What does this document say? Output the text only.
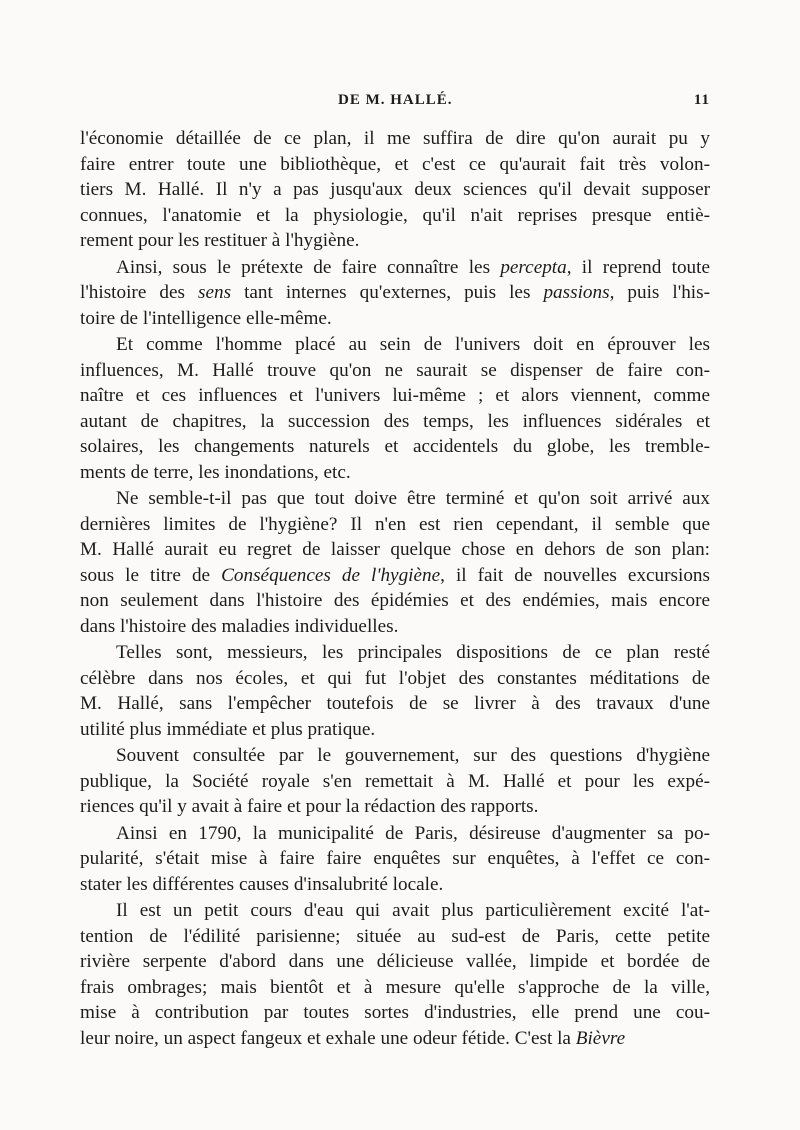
DE M. HALLÉ.	11
l'économie détaillée de ce plan, il me suffira de dire qu'on aurait pu y
faire entrer toute une bibliothèque, et c'est ce qu'aurait fait très volon-
tiers M. Hallé. Il n'y a pas jusqu'aux deux sciences qu'il devait supposer
connues, l'anatomie et la physiologie, qu'il n'ait reprises presque entiè-
rement pour les restituer à l'hygiène.
Ainsi, sous le prétexte de faire connaître les percepta, il reprend toute
l'histoire des sens tant internes qu'externes, puis les passions, puis l'his-
toire de l'intelligence elle-même.
Et comme l'homme placé au sein de l'univers doit en éprouver les
influences, M. Hallé trouve qu'on ne saurait se dispenser de faire con-
naître et ces influences et l'univers lui-même ; et alors viennent, comme
autant de chapitres, la succession des temps, les influences sidérales et
solaires, les changements naturels et accidentels du globe, les tremble-
ments de terre, les inondations, etc.
Ne semble-t-il pas que tout doive être terminé et qu'on soit arrivé aux
dernières limites de l'hygiène? Il n'en est rien cependant, il semble que
M. Hallé aurait eu regret de laisser quelque chose en dehors de son plan:
sous le titre de Conséquences de l'hygiène, il fait de nouvelles excursions
non seulement dans l'histoire des épidémies et des endémies, mais encore
dans l'histoire des maladies individuelles.
Telles sont, messieurs, les principales dispositions de ce plan resté
célèbre dans nos écoles, et qui fut l'objet des constantes méditations de
M. Hallé, sans l'empêcher toutefois de se livrer à des travaux d'une
utilité plus immédiate et plus pratique.
Souvent consultée par le gouvernement, sur des questions d'hygiène
publique, la Société royale s'en remettait à M. Hallé et pour les expé-
riences qu'il y avait à faire et pour la rédaction des rapports.
Ainsi en 1790, la municipalité de Paris, désireuse d'augmenter sa po-
pularité, s'était mise à faire faire enquêtes sur enquêtes, à l'effet ce con-
stater les différentes causes d'insalubrité locale.
Il est un petit cours d'eau qui avait plus particulièrement excité l'at-
tention de l'édilité parisienne; située au sud-est de Paris, cette petite
rivière serpente d'abord dans une délicieuse vallée, limpide et bordée de
frais ombrages; mais bientôt et à mesure qu'elle s'approche de la ville,
mise à contribution par toutes sortes d'industries, elle prend une cou-
leur noire, un aspect fangeux et exhale une odeur fétide. C'est la Bièvre
